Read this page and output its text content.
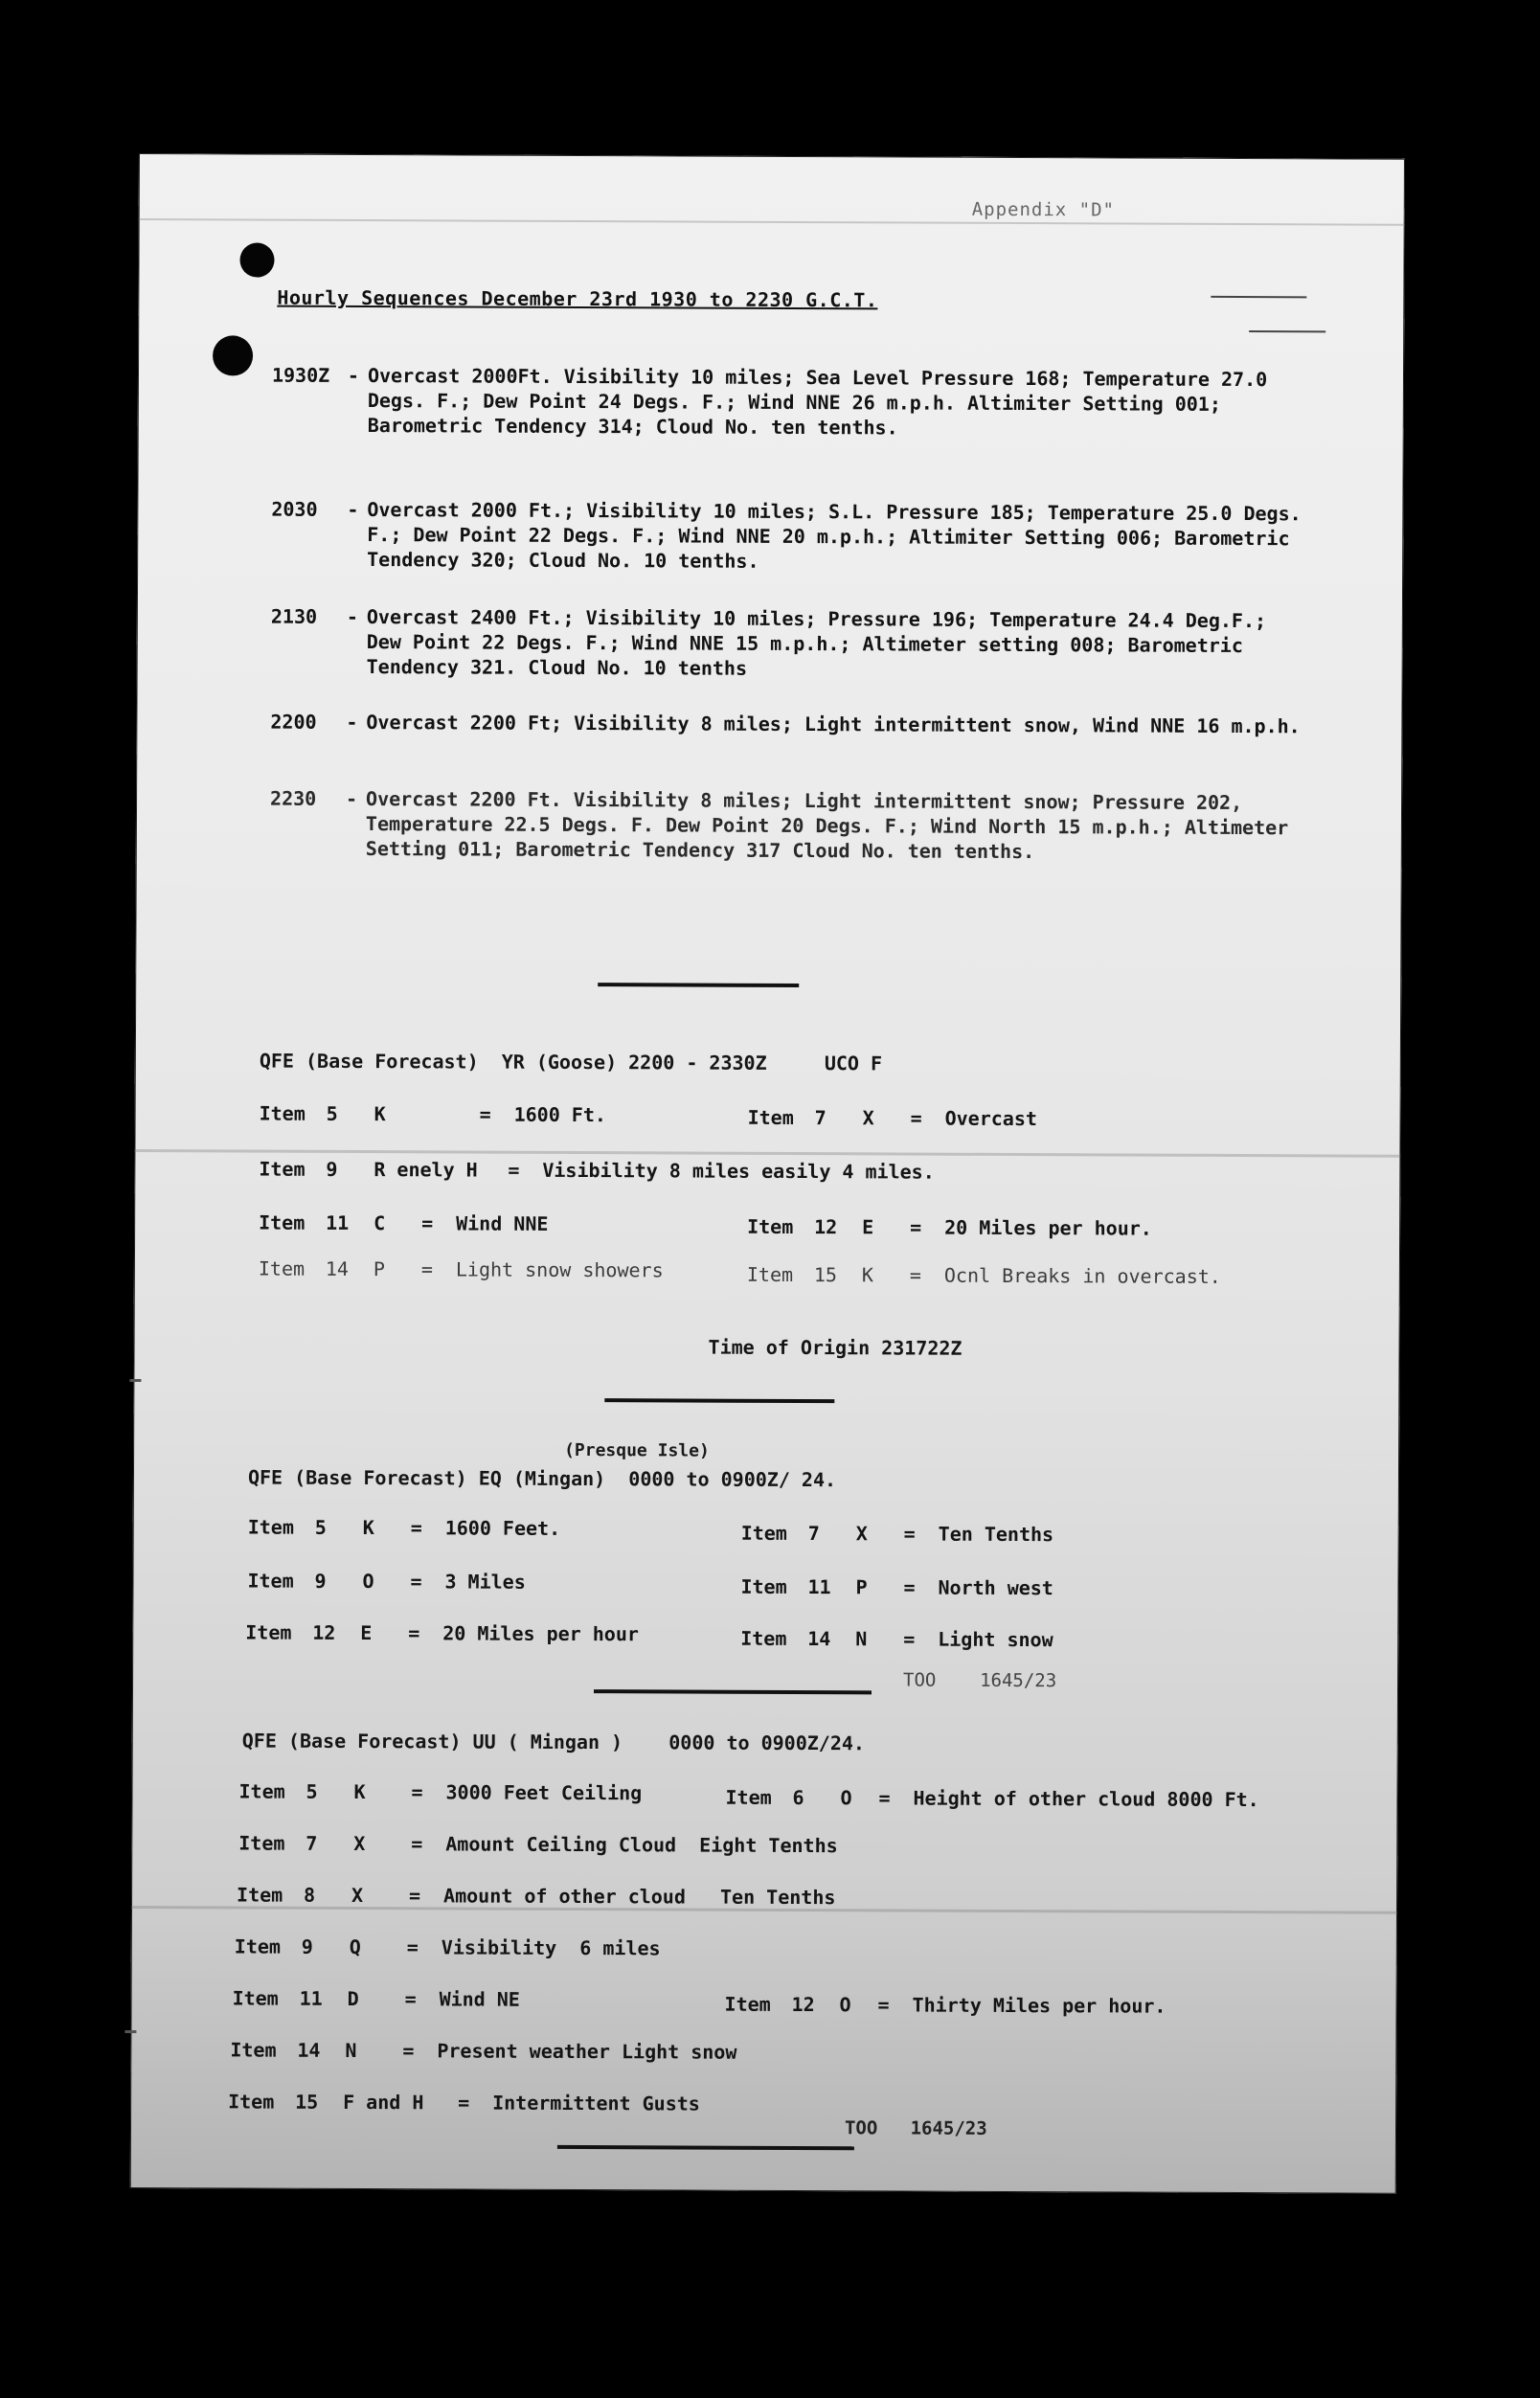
Appendix "D"
Hourly Sequences December 23rd 1930 to 2230 G.C.T.
1930Z - Overcast 2000Ft. Visibility 10 miles; Sea Level Pressure 168; Temperature 27.0 Degs. F.; Dew Point 24 Degs. F.; Wind NNE 26 m.p.h. Altimiter Setting 001; Barometric Tendency 314; Cloud No. ten tenths.
2030	- Overcast 2000 Ft.; Visibility 10 miles; S.L. Pressure 185; Temperature 25.0 Degs. F.; Dew Point 22 Degs. F.; Wind NNE 20 m.p.h.; Altimiter Setting 006; Barometric Tendency 320; Cloud No. 10 tenths.
2130	- Overcast 2400 Ft.; Visibility 10 miles; Pressure 196; Temperature 24.4 Deg.F.; Dew Point 22 Degs. F.; Wind NNE 15 m.p.h.; Altimeter setting 008; Barometric Tendency 321. Cloud No. 10 tenths
2200	- Overcast 2200 Ft; Visibility 8 miles; Light intermittent snow, Wind NNE 16 m.p.h.
2230	- Overcast 2200 Ft. Visibility 8 miles; Light intermittent snow; Pressure 202, Temperature 22.5 Degs. F. Dew Point 20 Degs. F.; Wind North 15 m.p.h.; Altimeter Setting 011; Barometric Tendency 317 Cloud No. ten tenths.
QFE (Base Forecast)  YR (Goose) 2200 - 2330Z     UCO F
Item	5	K	=	1600 Ft.	Item	7	X	=	Overcast
Item	9	R enely H	=	Visibility 8 miles easily 4 miles.
Item	11	C	=	Wind NNE	Item	12	E	=	20 Miles per hour.
Item	14	P	=	Light snow showers	Item	15	K	=	Ocnl Breaks in overcast.
Time of Origin 231722Z
(Presque Isle)
QFE (Base Forecast) EQ (Mingan)  0000 to 0900Z/ 24.
Item	5	K	=	1600 Feet.	Item	7	X	=	Ten Tenths
Item	9	O	=	3 Miles	Item	11	P	=	North west
Item	12	E	=	20 Miles per hour	Item	14	N	=	Light snow
TOO    1645/23
QFE (Base Forecast) UU ( Mingan )    0000 to 0900Z/24.
Item	5	K	=	3000 Feet Ceiling	Item	6	O	=	Height of other cloud 8000 Ft.
Item	7	X	=	Amount Ceiling Cloud  Eight Tenths
Item	8	X	=	Amount of other cloud   Ten Tenths
Item	9	Q	=	Visibility  6 miles
Item	11	D	=	Wind NE	Item	12	O	=	Thirty Miles per hour.
Item	14	N	=	Present weather Light snow
Item	15	F and H	=	Intermittent Gusts
TOO   1645/23
